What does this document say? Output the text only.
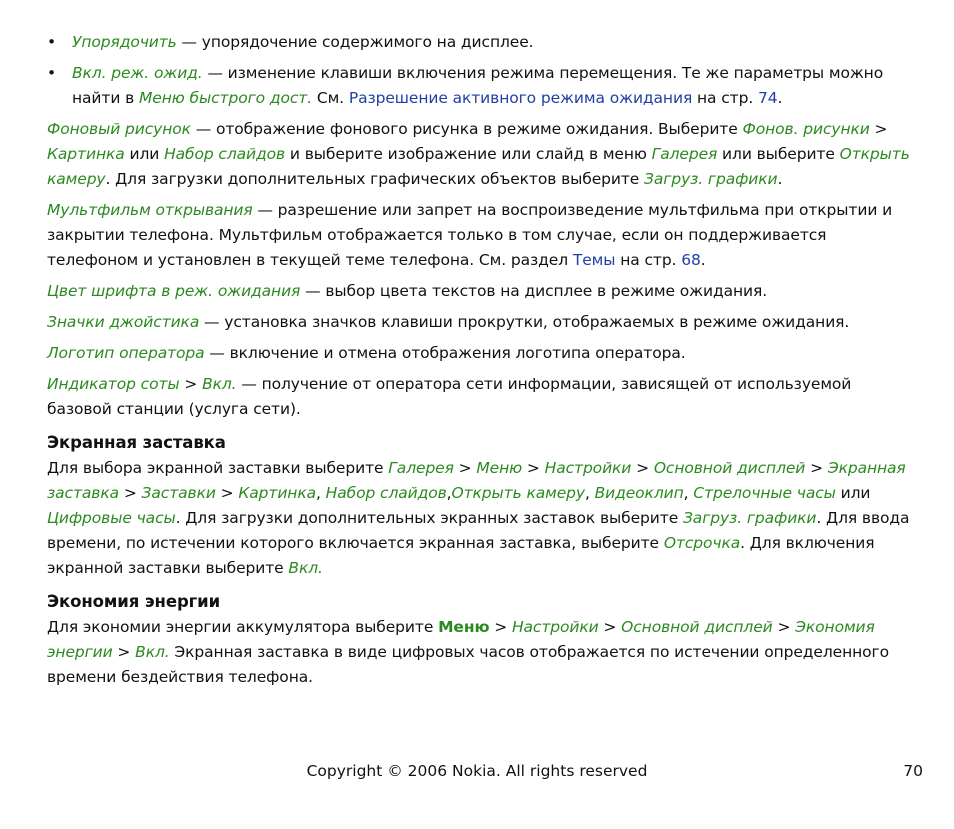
• Упорядочить — упорядочение содержимого на дисплее.
• Вкл. реж. ожид. — изменение клавиши включения режима перемещения. Те же параметры можно найти в Меню быстрого дост. См. Разрешение активного режима ожидания на стр. 74.

Фоновый рисунок — отображение фонового рисунка в режиме ожидания. Выберите Фонов. рисунки > Картинка или Набор слайдов и выберите изображение или слайд в меню Галерея или выберите Открыть камеру. Для загрузки дополнительных графических объектов выберите Загруз. графики.

Мультфильм открывания — разрешение или запрет на воспроизведение мультфильма при открытии и закрытии телефона. Мультфильм отображается только в том случае, если он поддерживается телефоном и установлен в текущей теме телефона. См. раздел Темы на стр. 68.

Цвет шрифта в реж. ожидания — выбор цвета текстов на дисплее в режиме ожидания.

Значки джойстика — установка значков клавиши прокрутки, отображаемых в режиме ожидания.

Логотип оператора — включение и отмена отображения логотипа оператора.

Индикатор соты > Вкл. — получение от оператора сети информации, зависящей от используемой базовой станции (услуга сети).

Экранная заставка

Для выбора экранной заставки выберите Галерея > Меню > Настройки > Основной дисплей > Экранная заставка > Заставки > Картинка, Набор слайдов,Открыть камеру, Видеоклип, Стрелочные часы или Цифровые часы. Для загрузки дополнительных экранных заставок выберите Загруз. графики. Для ввода времени, по истечении которого включается экранная заставка, выберите Отсрочка. Для включения экранной заставки выберите Вкл.

Экономия энергии

Для экономии энергии аккумулятора выберите Меню > Настройки > Основной дисплей > Экономия энергии > Вкл. Экранная заставка в виде цифровых часов отображается по истечении определенного времени бездействия телефона.

Copyright © 2006 Nokia. All rights reserved	70
